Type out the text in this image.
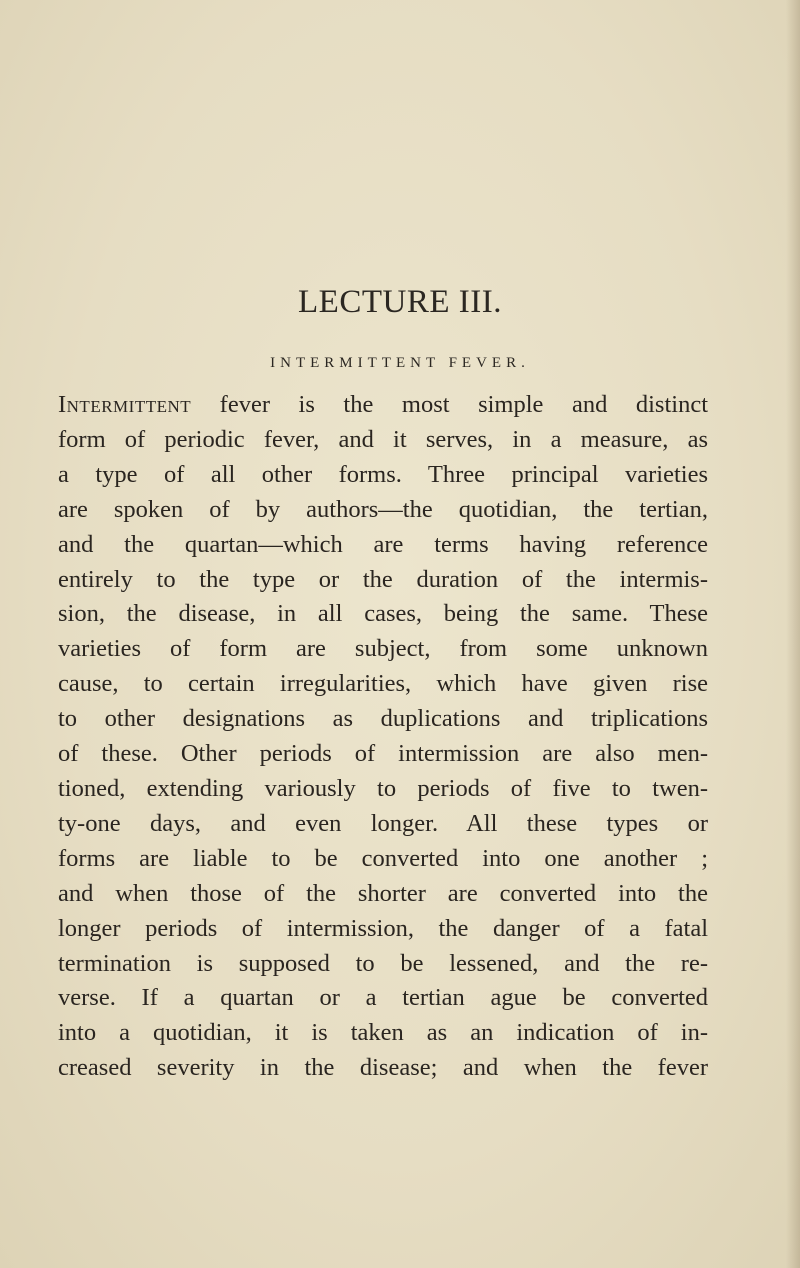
LECTURE III.
INTERMITTENT FEVER.
Intermittent fever is the most simple and distinct
form of periodic fever, and it serves, in a measure, as
a type of all other forms. Three principal varieties
are spoken of by authors—the quotidian, the tertian,
and the quartan—which are terms having reference
entirely to the type or the duration of the intermis-
sion, the disease, in all cases, being the same. These
varieties of form are subject, from some unknown
cause, to certain irregularities, which have given rise
to other designations as duplications and triplications
of these. Other periods of intermission are also men-
tioned, extending variously to periods of five to twen-
ty-one days, and even longer. All these types or
forms are liable to be converted into one another ;
and when those of the shorter are converted into the
longer periods of intermission, the danger of a fatal
termination is supposed to be lessened, and the re-
verse. If a quartan or a tertian ague be converted
into a quotidian, it is taken as an indication of in-
creased severity in the disease; and when the fever
